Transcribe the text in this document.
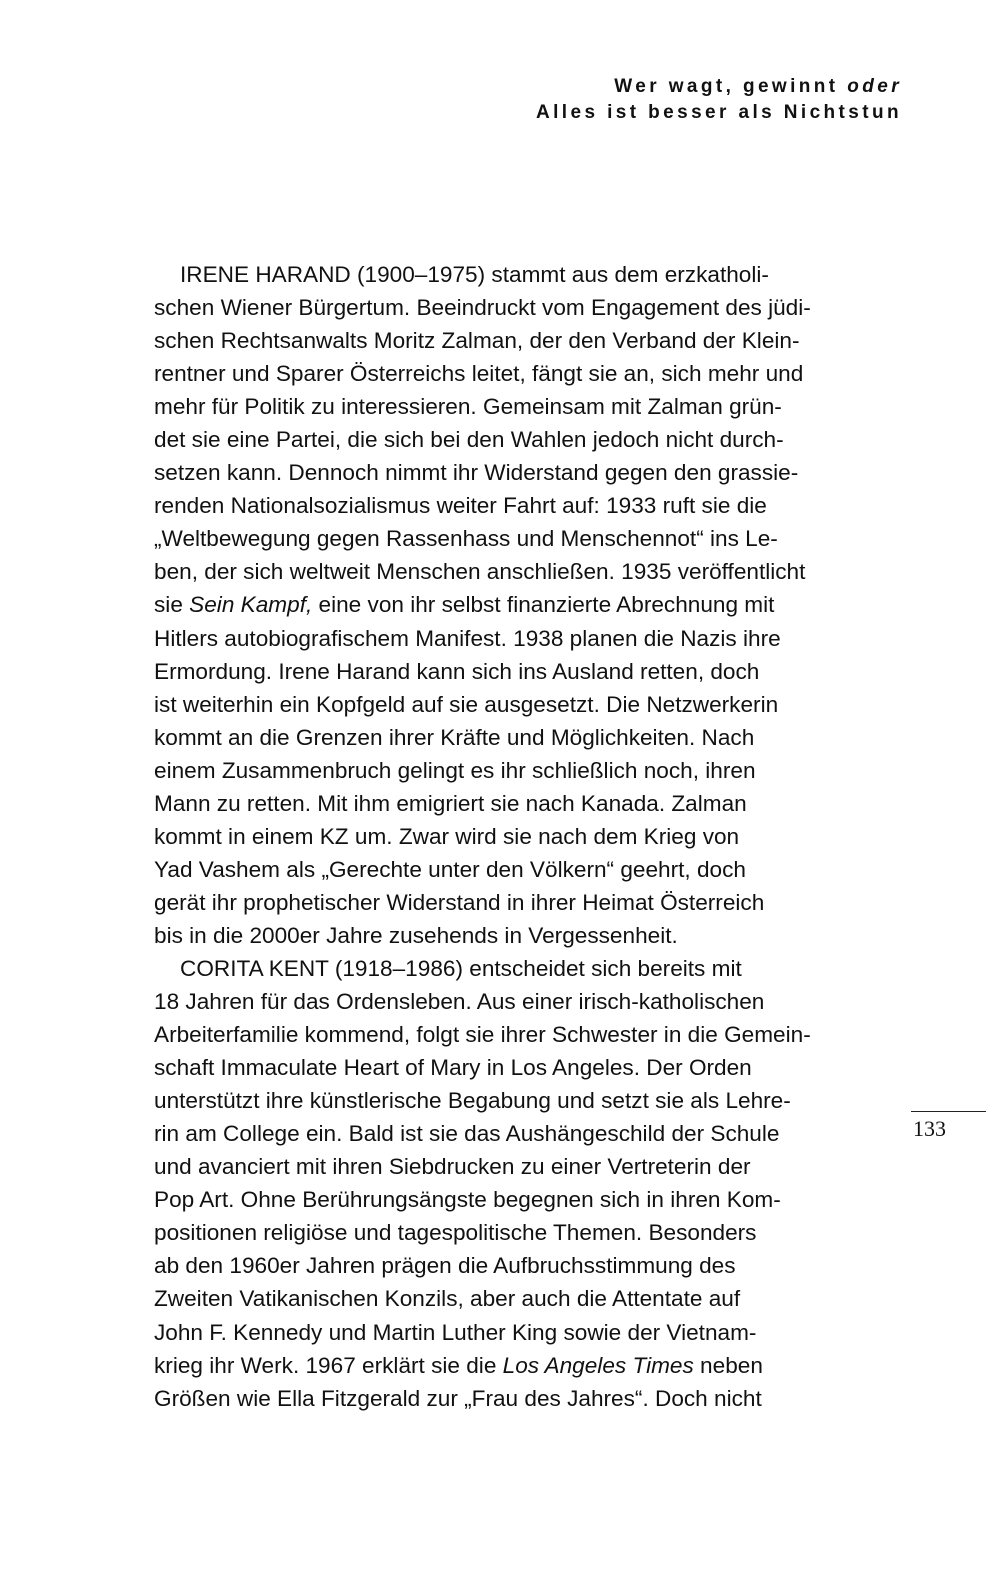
Wer wagt, gewinnt oder
Alles ist besser als Nichtstun
IRENE HARAND (1900–1975) stammt aus dem erzkatholi-
schen Wiener Bürgertum. Beeindruckt vom Engagement des jüdi-
schen Rechtsanwalts Moritz Zalman, der den Verband der Klein-
rentner und Sparer Österreichs leitet, fängt sie an, sich mehr und
mehr für Politik zu interessieren. Gemeinsam mit Zalman grün-
det sie eine Partei, die sich bei den Wahlen jedoch nicht durch-
setzen kann. Dennoch nimmt ihr Widerstand gegen den grassie-
renden Nationalsozialismus weiter Fahrt auf: 1933 ruft sie die
„Weltbewegung gegen Rassenhass und Menschennot“ ins Le-
ben, der sich weltweit Menschen anschließen. 1935 veröffentlicht
sie Sein Kampf, eine von ihr selbst finanzierte Abrechnung mit
Hitlers autobiografischem Manifest. 1938 planen die Nazis ihre
Ermordung. Irene Harand kann sich ins Ausland retten, doch
ist weiterhin ein Kopfgeld auf sie ausgesetzt. Die Netzwerkerin
kommt an die Grenzen ihrer Kräfte und Möglichkeiten. Nach
einem Zusammenbruch gelingt es ihr schließlich noch, ihren
Mann zu retten. Mit ihm emigriert sie nach Kanada. Zalman
kommt in einem KZ um. Zwar wird sie nach dem Krieg von
Yad Vashem als „Gerechte unter den Völkern“ geehrt, doch
gerät ihr prophetischer Widerstand in ihrer Heimat Österreich
bis in die 2000er Jahre zusehends in Vergessenheit.
CORITA KENT (1918–1986) entscheidet sich bereits mit
18 Jahren für das Ordensleben. Aus einer irisch-katholischen
Arbeiterfamilie kommend, folgt sie ihrer Schwester in die Gemein-
schaft Immaculate Heart of Mary in Los Angeles. Der Orden
unterstützt ihre künstlerische Begabung und setzt sie als Lehre-
rin am College ein. Bald ist sie das Aushängeschild der Schule
und avanciert mit ihren Siebdrucken zu einer Vertreterin der
Pop Art. Ohne Berührungsängste begegnen sich in ihren Kom-
positionen religiöse und tagespolitische Themen. Besonders
ab den 1960er Jahren prägen die Aufbruchsstimmung des
Zweiten Vatikanischen Konzils, aber auch die Attentate auf
John F. Kennedy und Martin Luther King sowie der Vietnam-
krieg ihr Werk. 1967 erklärt sie die Los Angeles Times neben
Größen wie Ella Fitzgerald zur „Frau des Jahres“. Doch nicht
133
